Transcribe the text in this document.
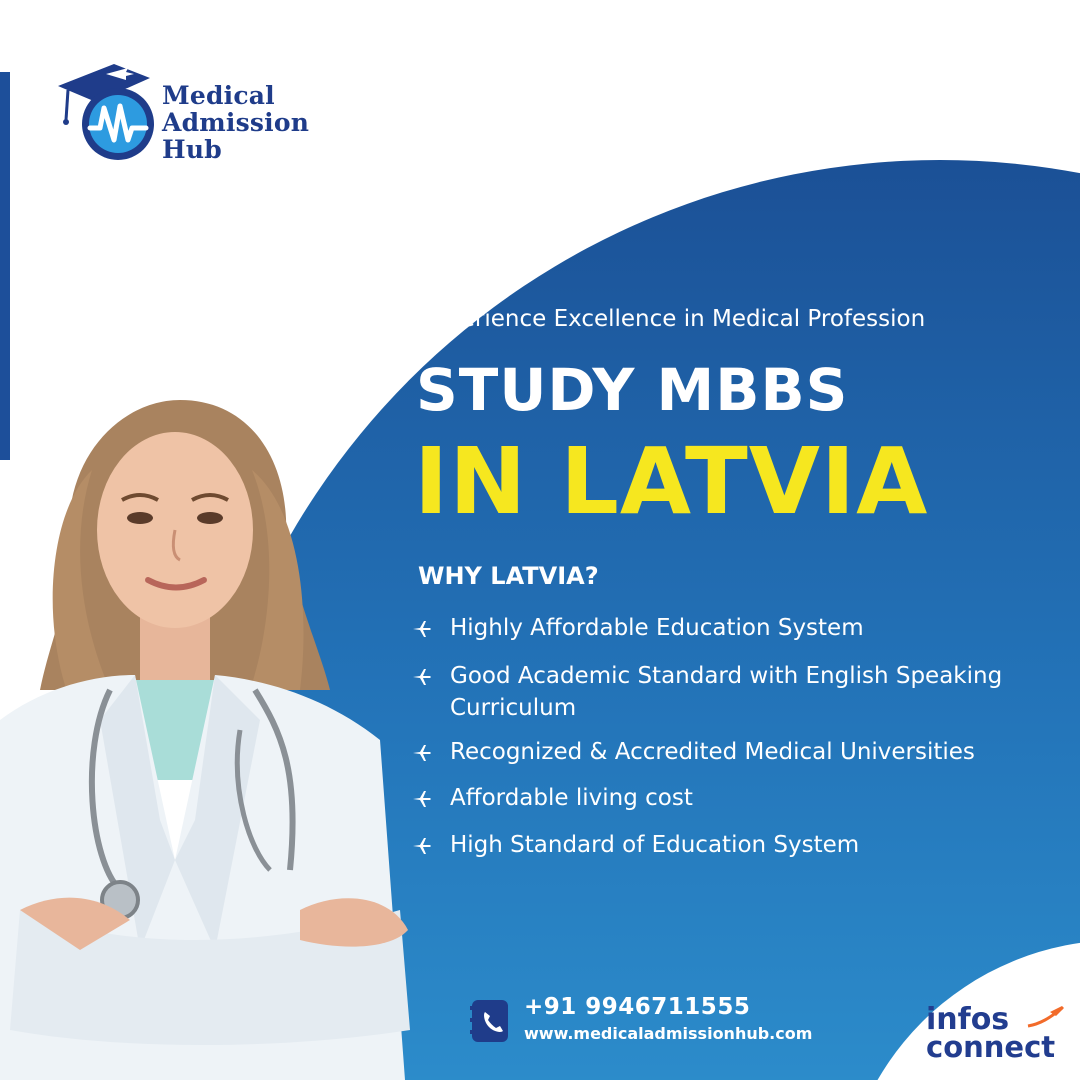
Medical
Admission
Hub
Experience Excellence in Medical Profession
STUDY MBBS
IN LATVIA
WHY LATVIA?
Highly Affordable Education System
Good Academic Standard with English Speaking Curriculum
Recognized & Accredited Medical Universities
Affordable living cost
High Standard of Education System
+91 9946711555
www.medicaladmissionhub.com	infos
connect
